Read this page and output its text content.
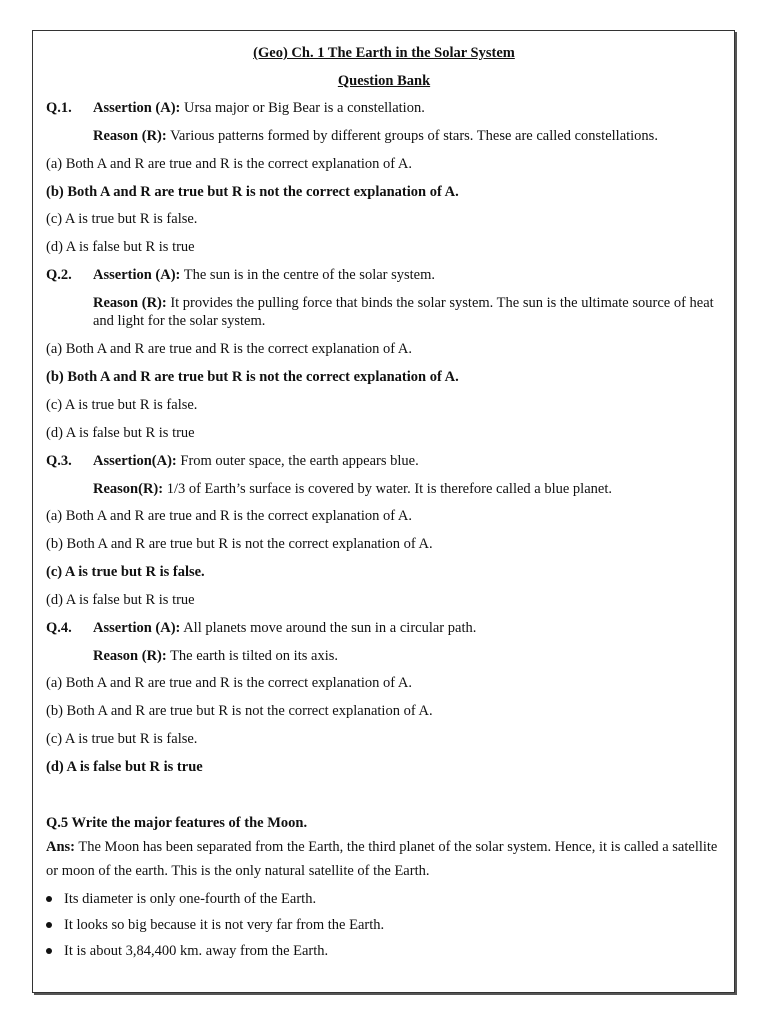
(Geo) Ch. 1 The Earth in the Solar System
Question Bank
Q.1. Assertion (A): Ursa major or Big Bear is a constellation.
Reason (R): Various patterns formed by different groups of stars. These are called constellations.
(a) Both A and R are true and R is the correct explanation of A.
(b) Both A and R are true but R is not the correct explanation of A.
(c) A is true but R is false.
(d) A is false but R is true
Q.2. Assertion (A): The sun is in the centre of the solar system.
Reason (R): It provides the pulling force that binds the solar system. The sun is the ultimate source of heat and light for the solar system.
(a) Both A and R are true and R is the correct explanation of A.
(b) Both A and R are true but R is not the correct explanation of A.
(c) A is true but R is false.
(d) A is false but R is true
Q.3. Assertion(A): From outer space, the earth appears blue.
Reason(R): 1/3 of Earth’s surface is covered by water. It is therefore called a blue planet.
(a) Both A and R are true and R is the correct explanation of A.
(b) Both A and R are true but R is not the correct explanation of A.
(c) A is true but R is false.
(d) A is false but R is true
Q.4. Assertion (A): All planets move around the sun in a circular path.
Reason (R): The earth is tilted on its axis.
(a) Both A and R are true and R is the correct explanation of A.
(b) Both A and R are true but R is not the correct explanation of A.
(c) A is true but R is false.
(d) A is false but R is true
Q.5 Write the major features of the Moon.
Ans: The Moon has been separated from the Earth, the third planet of the solar system. Hence, it is called a satellite or moon of the earth. This is the only natural satellite of the Earth.
Its diameter is only one-fourth of the Earth.
It looks so big because it is not very far from the Earth.
It is about 3,84,400 km. away from the Earth.
